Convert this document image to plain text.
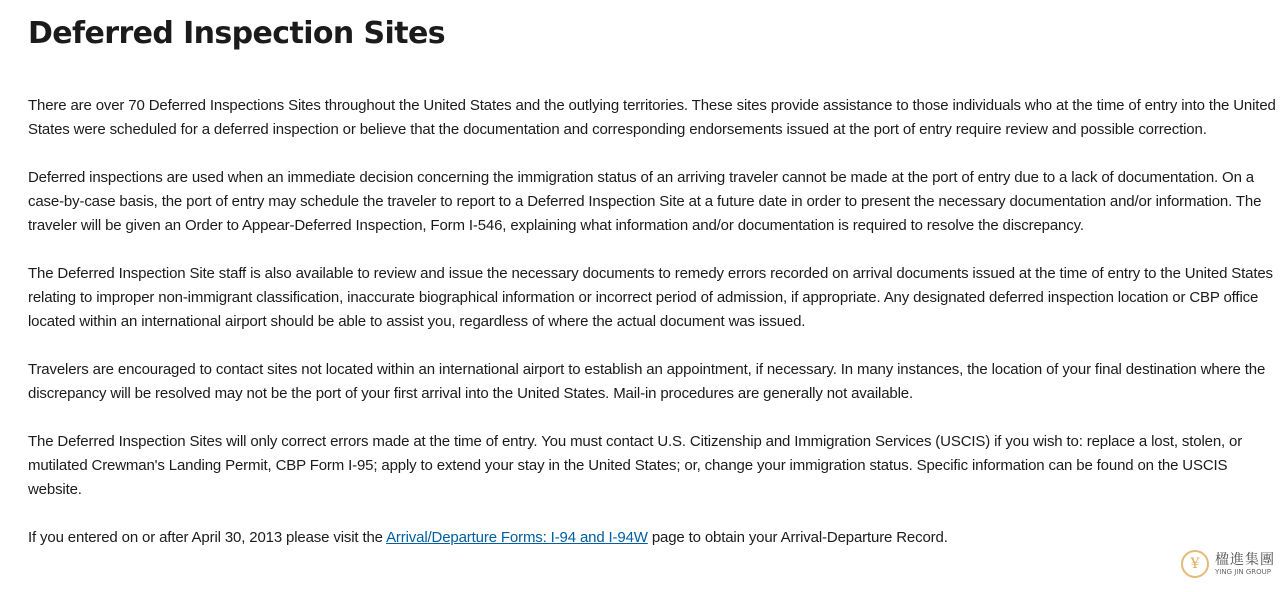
Deferred Inspection Sites

There are over 70 Deferred Inspections Sites throughout the United States and the outlying territories. These sites provide assistance to those individuals who at the time of entry into the United States were scheduled for a deferred inspection or believe that the documentation and corresponding endorsements issued at the port of entry require review and possible correction.

Deferred inspections are used when an immediate decision concerning the immigration status of an arriving traveler cannot be made at the port of entry due to a lack of documentation. On a case-by-case basis, the port of entry may schedule the traveler to report to a Deferred Inspection Site at a future date in order to present the necessary documentation and/or information. The traveler will be given an Order to Appear-Deferred Inspection, Form I-546, explaining what information and/or documentation is required to resolve the discrepancy.

The Deferred Inspection Site staff is also available to review and issue the necessary documents to remedy errors recorded on arrival documents issued at the time of entry to the United States relating to improper non-immigrant classification, inaccurate biographical information or incorrect period of admission, if appropriate. Any designated deferred inspection location or CBP office located within an international airport should be able to assist you, regardless of where the actual document was issued.

Travelers are encouraged to contact sites not located within an international airport to establish an appointment, if necessary. In many instances, the location of your final destination where the discrepancy will be resolved may not be the port of your first arrival into the United States. Mail-in procedures are generally not available.

The Deferred Inspection Sites will only correct errors made at the time of entry. You must contact U.S. Citizenship and Immigration Services (USCIS) if you wish to: replace a lost, stolen, or mutilated Crewman's Landing Permit, CBP Form I-95; apply to extend your stay in the United States; or, change your immigration status. Specific information can be found on the USCIS website.

If you entered on or after April 30, 2013 please visit the Arrival/Departure Forms: I-94 and I-94W page to obtain your Arrival-Departure Record.

¥	楹進集團
YING JIN GROUP
